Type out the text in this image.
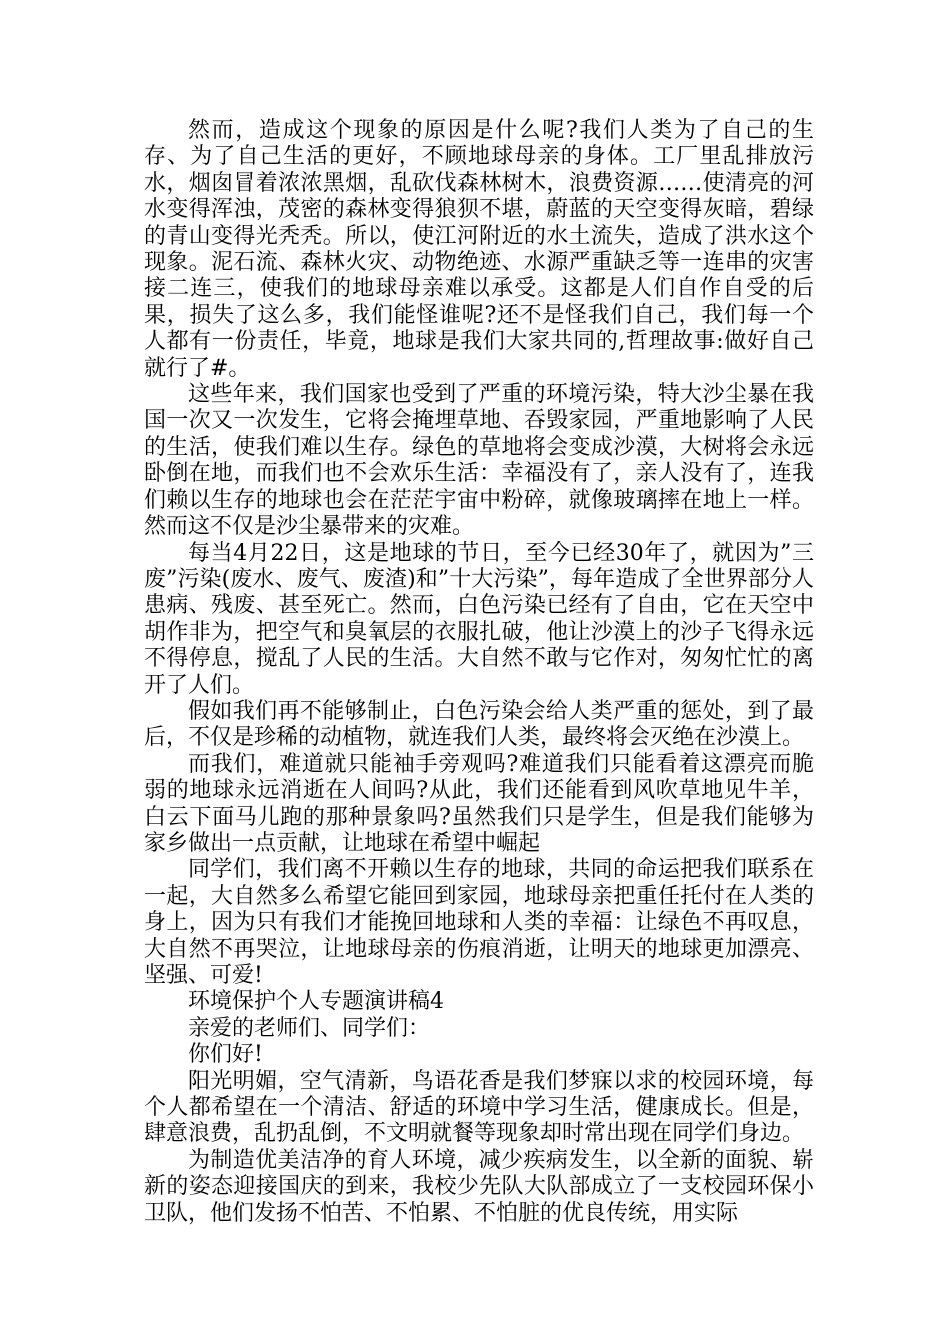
然而，造成这个现象的原因是什么呢?我们人类为了自己的生存、为了自己生活的更好，不顾地球母亲的身体。工厂里乱排放污水，烟囱冒着浓浓黑烟，乱砍伐森林树木，浪费资源……使清亮的河水变得浑浊，茂密的森林变得狼狈不堪，蔚蓝的天空变得灰暗，碧绿的青山变得光秃秃。所以，使江河附近的水土流失，造成了洪水这个现象。泥石流、森林火灾、动物绝迹、水源严重缺乏等一连串的灾害接二连三，使我们的地球母亲难以承受。这都是人们自作自受的后果，损失了这么多，我们能怪谁呢?还不是怪我们自己，我们每一个人都有一份责任，毕竟，地球是我们大家共同的,哲理故事:做好自己就行了#。

这些年来，我们国家也受到了严重的环境污染，特大沙尘暴在我国一次又一次发生，它将会掩埋草地、吞毁家园，严重地影响了人民的生活，使我们难以生存。绿色的草地将会变成沙漠，大树将会永远卧倒在地，而我们也不会欢乐生活：幸福没有了，亲人没有了，连我们赖以生存的地球也会在茫茫宇宙中粉碎，就像玻璃摔在地上一样。然而这不仅是沙尘暴带来的灾难。

每当4月22日，这是地球的节日，至今已经30年了，就因为”三废”污染(废水、废气、废渣)和”十大污染”，每年造成了全世界部分人患病、残废、甚至死亡。然而，白色污染已经有了自由，它在天空中胡作非为，把空气和臭氧层的衣服扎破，他让沙漠上的沙子飞得永远不得停息，搅乱了人民的生活。大自然不敢与它作对，匆匆忙忙的离开了人们。

假如我们再不能够制止，白色污染会给人类严重的惩处，到了最后，不仅是珍稀的动植物，就连我们人类，最终将会灭绝在沙漠上。

而我们，难道就只能袖手旁观吗?难道我们只能看着这漂亮而脆弱的地球永远消逝在人间吗?从此，我们还能看到风吹草地见牛羊，白云下面马儿跑的那种景象吗?虽然我们只是学生，但是我们能够为家乡做出一点贡献，让地球在希望中崛起

同学们，我们离不开赖以生存的地球，共同的命运把我们联系在一起，大自然多么希望它能回到家园，地球母亲把重任托付在人类的身上，因为只有我们才能挽回地球和人类的幸福：让绿色不再叹息，大自然不再哭泣，让地球母亲的伤痕消逝，让明天的地球更加漂亮、坚强、可爱!

环境保护个人专题演讲稿4

亲爱的老师们、同学们：

你们好!

阳光明媚，空气清新，鸟语花香是我们梦寐以求的校园环境，每个人都希望在一个清洁、舒适的环境中学习生活，健康成长。但是，肆意浪费，乱扔乱倒，不文明就餐等现象却时常出现在同学们身边。

为制造优美洁净的育人环境，减少疾病发生，以全新的面貌、崭新的姿态迎接国庆的到来，我校少先队大队部成立了一支校园环保小卫队，他们发扬不怕苦、不怕累、不怕脏的优良传统，用实际
